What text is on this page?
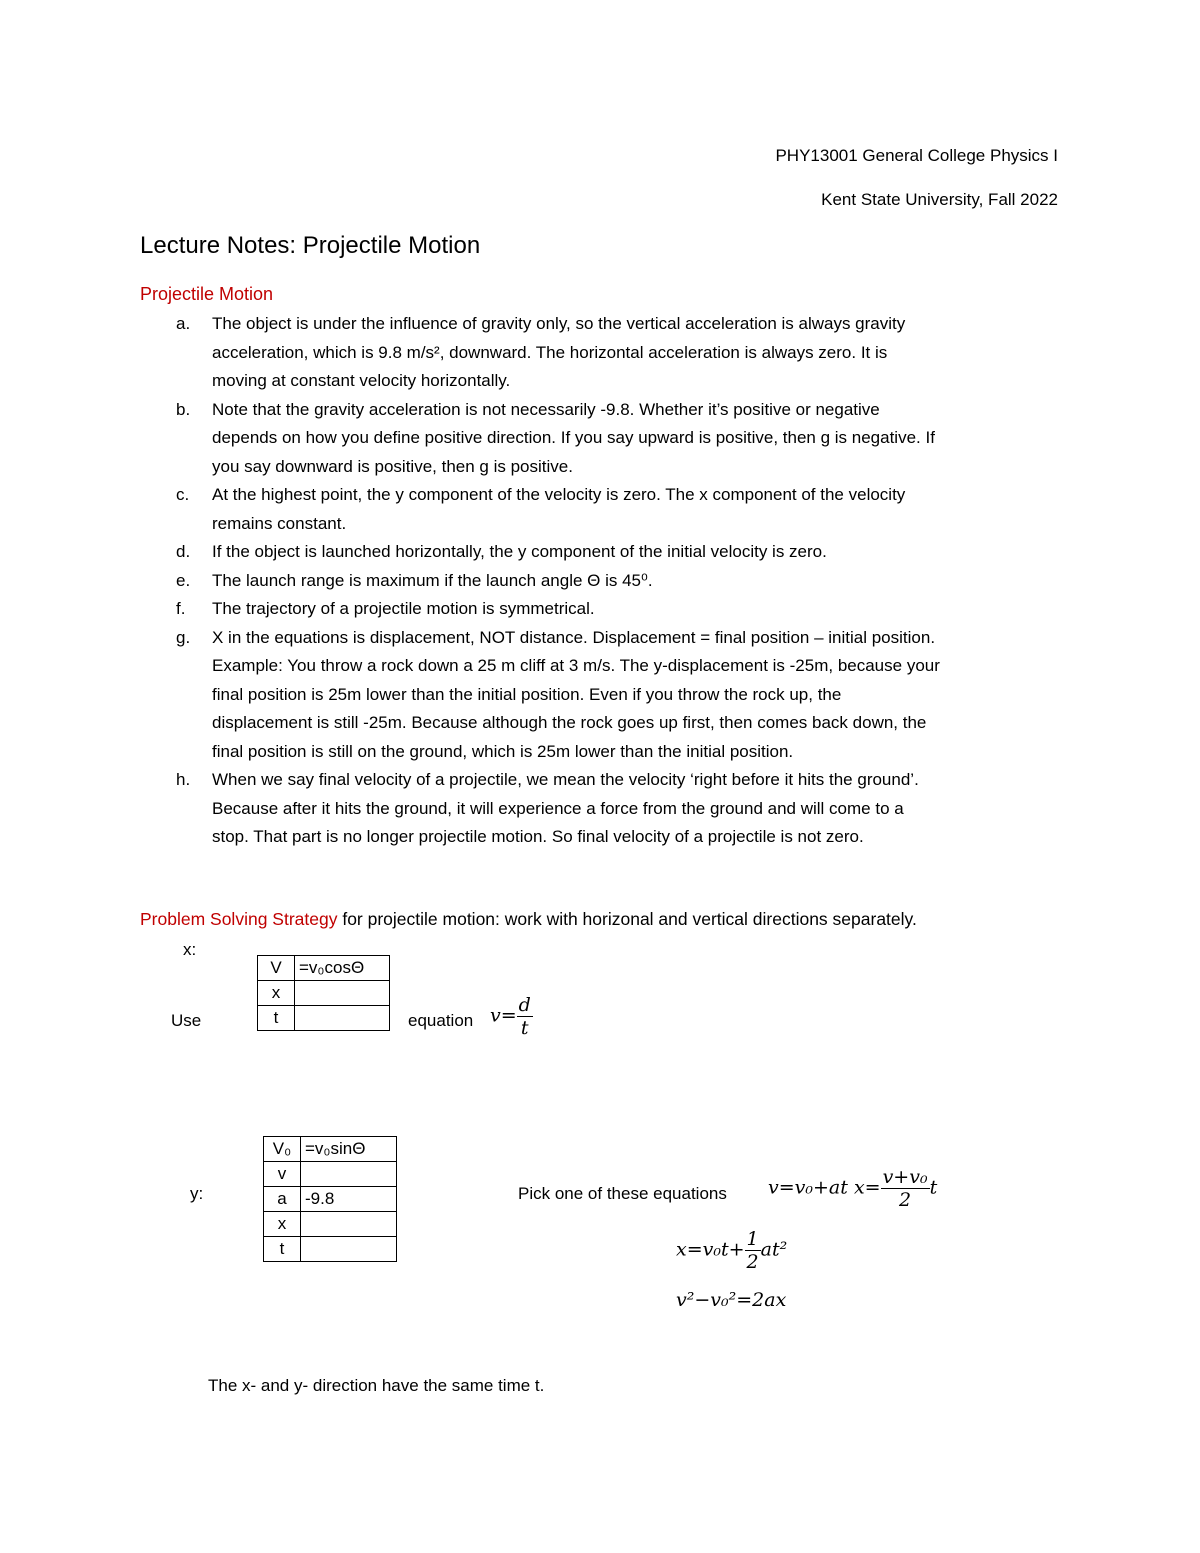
PHY13001 General College Physics I
Kent State University, Fall 2022
Lecture Notes: Projectile Motion
Projectile Motion
a. The object is under the influence of gravity only, so the vertical acceleration is always gravity
acceleration, which is 9.8 m/s², downward. The horizontal acceleration is always zero. It is
moving at constant velocity horizontally.
b. Note that the gravity acceleration is not necessarily -9.8. Whether it’s positive or negative
depends on how you define positive direction. If you say upward is positive, then g is negative. If
you say downward is positive, then g is positive.
c. At the highest point, the y component of the velocity is zero. The x component of the velocity
remains constant.
d. If the object is launched horizontally, the y component of the initial velocity is zero.
e. The launch range is maximum if the launch angle Θ is 45⁰.
f. The trajectory of a projectile motion is symmetrical.
g. X in the equations is displacement, NOT distance. Displacement = final position – initial position.
Example: You throw a rock down a 25 m cliff at 3 m/s. The y-displacement is -25m, because your
final position is 25m lower than the initial position. Even if you throw the rock up, the
displacement is still -25m. Because although the rock goes up first, then comes back down, the
final position is still on the ground, which is 25m lower than the initial position.
h. When we say final velocity of a projectile, we mean the velocity ‘right before it hits the ground’.
Because after it hits the ground, it will experience a force from the ground and will come to a
stop. That part is no longer projectile motion. So final velocity of a projectile is not zero.
Problem Solving Strategy for projectile motion: work with horizonal and vertical directions separately.
x:
Use
V	=v₀cosΘ
x	
t		equation $v= \frac{d}{t}$
y:
V₀	=v₀sinΘ
v	
a	-9.8
x	
t	
Pick one of these equations v=v₀+at $x= \frac{\text{v+v₀}}{2}$ t
$x=v_0t+ \frac{1}{2} at^2$
v²−v₀²=2ax
The x- and y- direction have the same time t.
